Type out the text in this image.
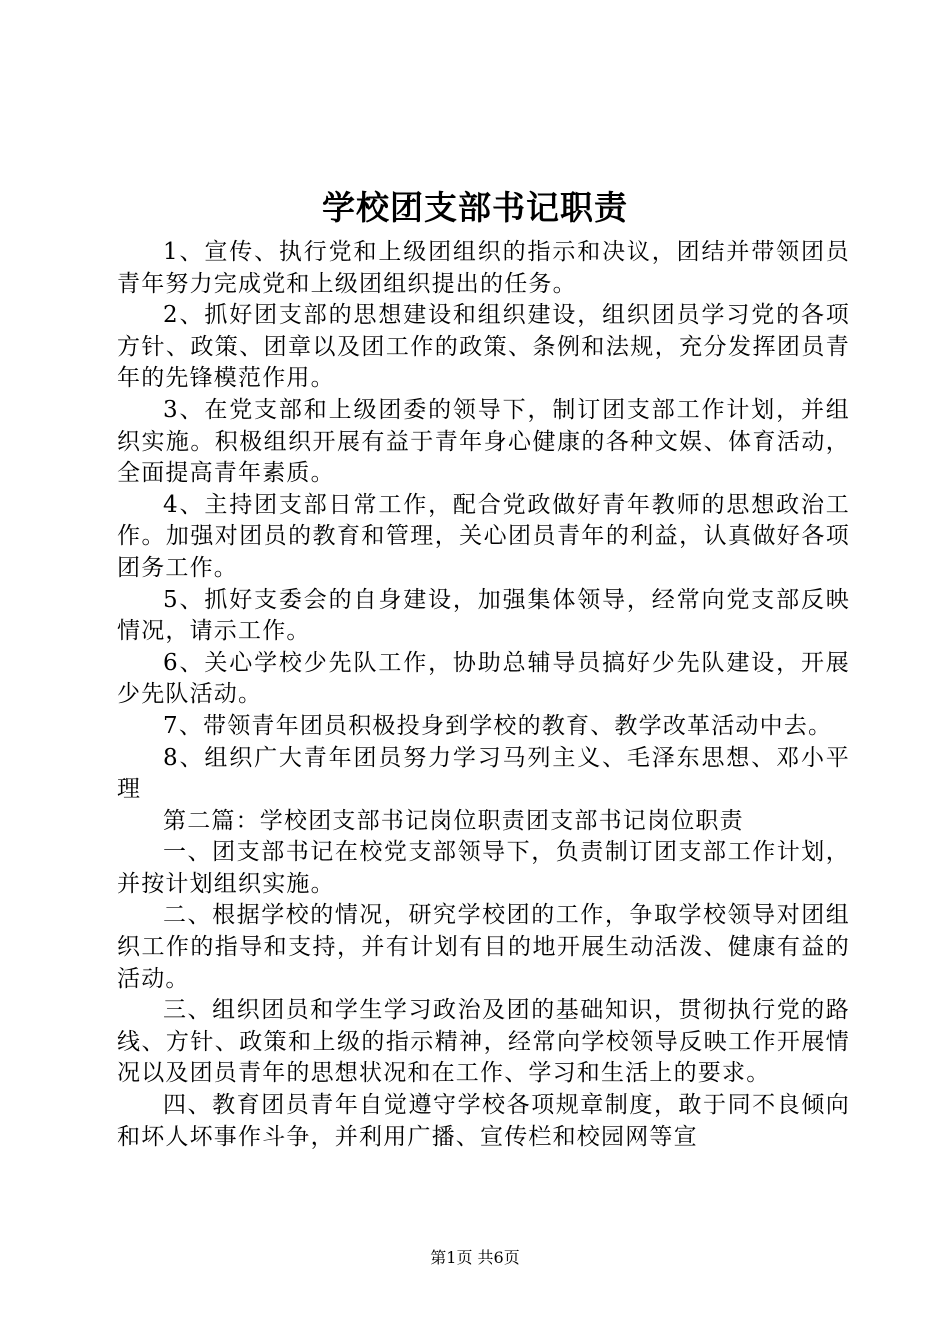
学校团支部书记职责

1、宣传、执行党和上级团组织的指示和决议，团结并带领团员青年努力完成党和上级团组织提出的任务。

2、抓好团支部的思想建设和组织建设，组织团员学习党的各项方针、政策、团章以及团工作的政策、条例和法规，充分发挥团员青年的先锋模范作用。

3、在党支部和上级团委的领导下，制订团支部工作计划，并组织实施。积极组织开展有益于青年身心健康的各种文娱、体育活动，全面提高青年素质。

4、主持团支部日常工作，配合党政做好青年教师的思想政治工作。加强对团员的教育和管理，关心团员青年的利益，认真做好各项团务工作。

5、抓好支委会的自身建设，加强集体领导，经常向党支部反映情况，请示工作。

6、关心学校少先队工作，协助总辅导员搞好少先队建设，开展少先队活动。

7、带领青年团员积极投身到学校的教育、教学改革活动中去。

8、组织广大青年团员努力学习马列主义、毛泽东思想、邓小平理

第二篇：学校团支部书记岗位职责团支部书记岗位职责

一、团支部书记在校党支部领导下，负责制订团支部工作计划，并按计划组织实施。

二、根据学校的情况，研究学校团的工作，争取学校领导对团组织工作的指导和支持，并有计划有目的地开展生动活泼、健康有益的活动。

三、组织团员和学生学习政治及团的基础知识，贯彻执行党的路线、方针、政策和上级的指示精神，经常向学校领导反映工作开展情况以及团员青年的思想状况和在工作、学习和生活上的要求。

四、教育团员青年自觉遵守学校各项规章制度，敢于同不良倾向和坏人坏事作斗争，并利用广播、宣传栏和校园网等宣

第1页 共6页
